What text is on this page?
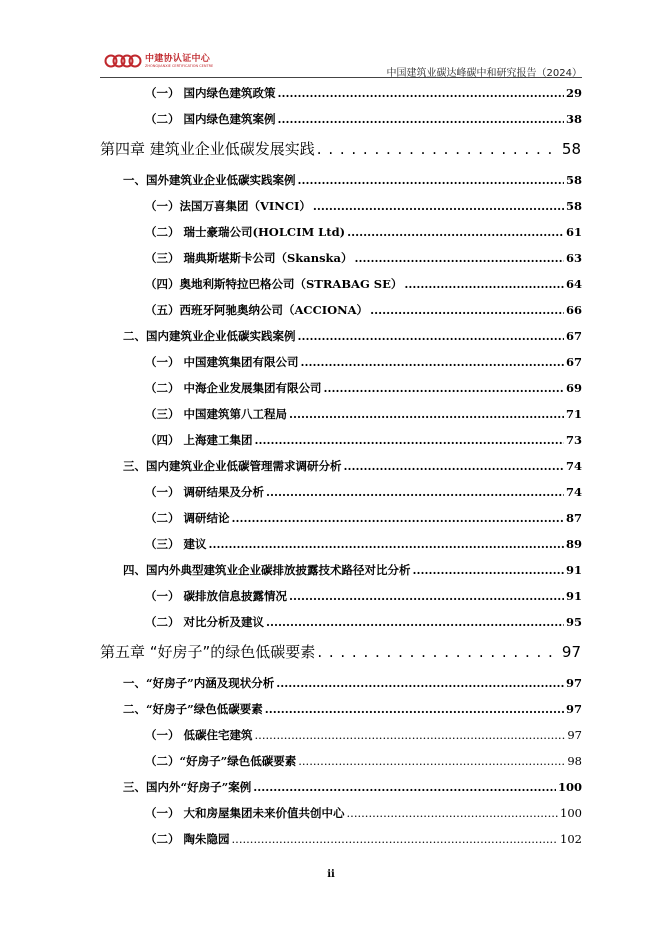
中建协认证中心
ZHONGJIANXIE CERTIFICATION CENTRE
中国建筑业碳达峰碳中和研究报告（2024）
（一） 国内绿色建筑政策 .....	29
（二） 国内绿色建筑案例 .....	38
第四章 建筑业企业低碳发展实践 . . .	58
一、国外建筑业企业低碳实践案例 .....	58
（一）法国万喜集团（VINCI） .....	58
（二） 瑞士豪瑞公司(HOLCIM Ltd) .....	61
（三） 瑞典斯堪斯卡公司（Skanska） .....	63
（四）奥地利斯特拉巴格公司（STRABAG SE） .....	64
（五）西班牙阿驰奥纳公司（ACCIONA） .....	66
二、国内建筑业企业低碳实践案例 .....	67
（一） 中国建筑集团有限公司 .....	67
（二） 中海企业发展集团有限公司 .....	69
（三） 中国建筑第八工程局 .....	71
（四） 上海建工集团 .....	73
三、国内建筑业企业低碳管理需求调研分析 .....	74
（一） 调研结果及分析 .....	74
（二） 调研结论 .....	87
（三） 建议 .....	89
四、国内外典型建筑业企业碳排放披露技术路径对比分析 .....	91
（一） 碳排放信息披露情况 .....	91
（二） 对比分析及建议 .....	95
第五章 “好房子”的绿色低碳要素 . . .	97
一、“好房子”内涵及现状分析 .....	97
二、“好房子”绿色低碳要素 .....	97
（一） 低碳住宅建筑 .....	97
（二）“好房子”绿色低碳要素 .....	98
三、国内外“好房子”案例 .....	100
（一） 大和房屋集团未来价值共创中心 .....	100
（二） 陶朱隐园 .....	102
ii
